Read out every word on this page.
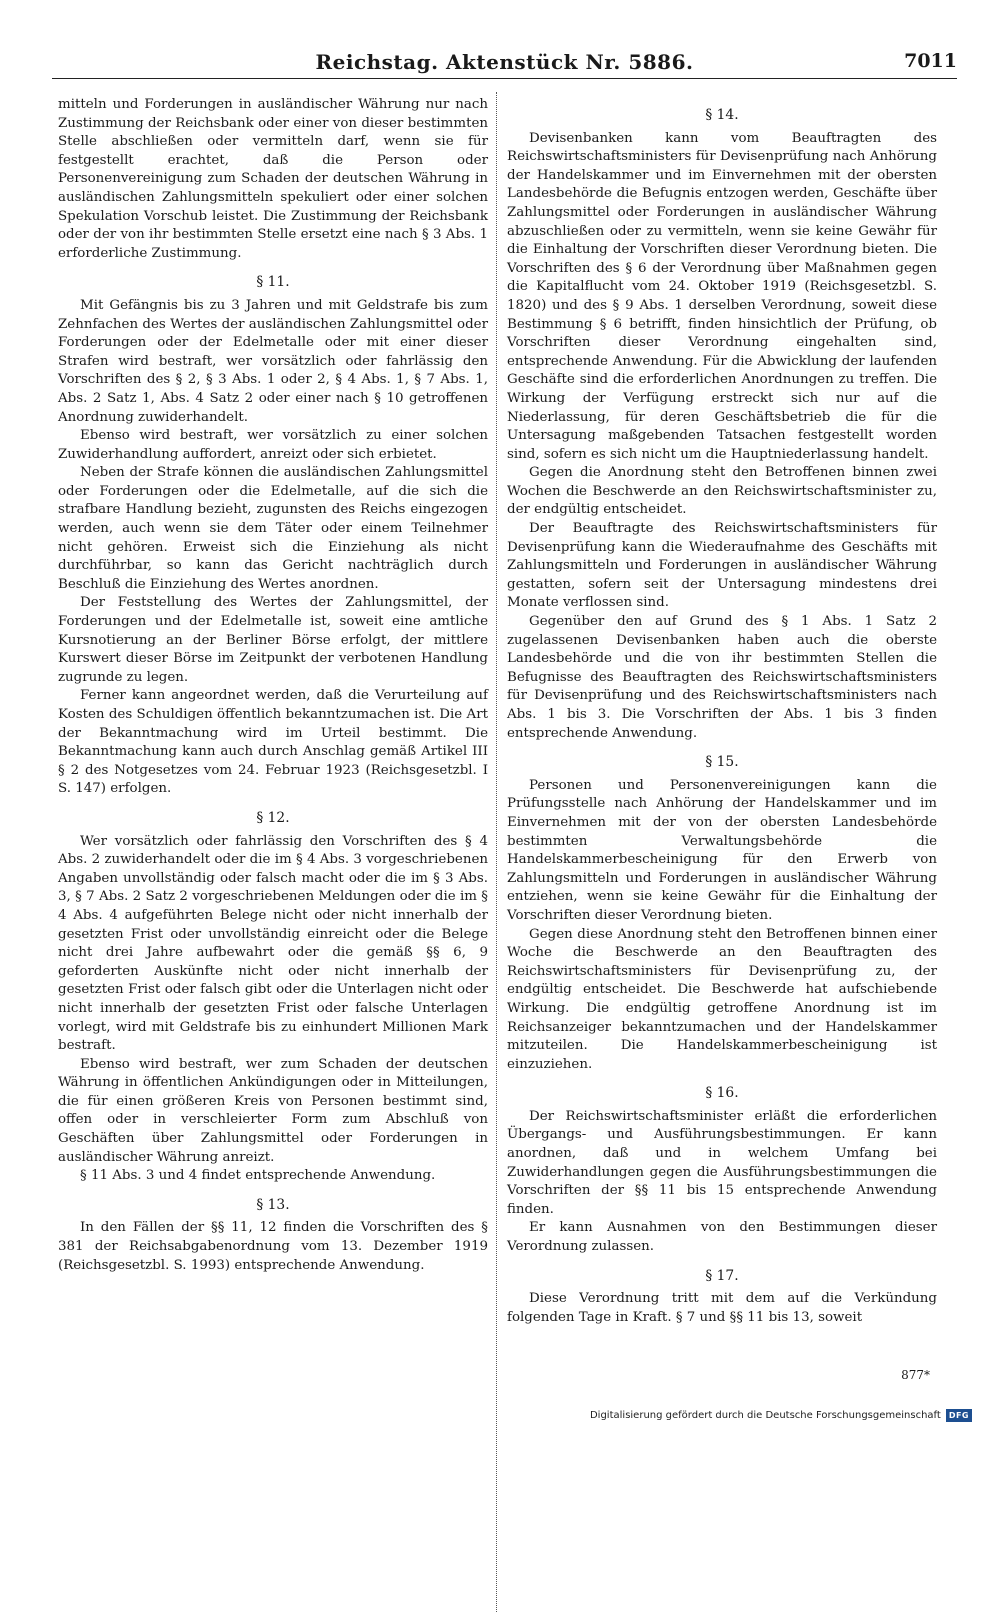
Reichstag. Aktenstück Nr. 5886.	7011

mitteln und Forderungen in ausländischer Währung nur nach Zustimmung der Reichsbank oder einer von dieser bestimmten Stelle abschließen oder vermitteln darf, wenn sie für festgestellt erachtet, daß die Person oder Personenvereinigung zum Schaden der deutschen Währung in ausländischen Zahlungsmitteln spekuliert oder einer solchen Spekulation Vorschub leistet. Die Zustimmung der Reichsbank oder der von ihr bestimmten Stelle ersetzt eine nach § 3 Abs. 1 erforderliche Zustimmung.

§ 11.

Mit Gefängnis bis zu 3 Jahren und mit Geldstrafe bis zum Zehnfachen des Wertes der ausländischen Zahlungsmittel oder Forderungen oder der Edelmetalle oder mit einer dieser Strafen wird bestraft, wer vorsätzlich oder fahrlässig den Vorschriften des § 2, § 3 Abs. 1 oder 2, § 4 Abs. 1, § 7 Abs. 1, Abs. 2 Satz 1, Abs. 4 Satz 2 oder einer nach § 10 getroffenen Anordnung zuwiderhandelt.

Ebenso wird bestraft, wer vorsätzlich zu einer solchen Zuwiderhandlung auffordert, anreizt oder sich erbietet.

Neben der Strafe können die ausländischen Zahlungsmittel oder Forderungen oder die Edelmetalle, auf die sich die strafbare Handlung bezieht, zugunsten des Reichs eingezogen werden, auch wenn sie dem Täter oder einem Teilnehmer nicht gehören. Erweist sich die Einziehung als nicht durchführbar, so kann das Gericht nachträglich durch Beschluß die Einziehung des Wertes anordnen.

Der Feststellung des Wertes der Zahlungsmittel, der Forderungen und der Edelmetalle ist, soweit eine amtliche Kursnotierung an der Berliner Börse erfolgt, der mittlere Kurswert dieser Börse im Zeitpunkt der verbotenen Handlung zugrunde zu legen.

Ferner kann angeordnet werden, daß die Verurteilung auf Kosten des Schuldigen öffentlich bekanntzumachen ist. Die Art der Bekanntmachung wird im Urteil bestimmt. Die Bekanntmachung kann auch durch Anschlag gemäß Artikel III § 2 des Notgesetzes vom 24. Februar 1923 (Reichsgesetzbl. I S. 147) erfolgen.

§ 12.

Wer vorsätzlich oder fahrlässig den Vorschriften des § 4 Abs. 2 zuwiderhandelt oder die im § 4 Abs. 3 vorgeschriebenen Angaben unvollständig oder falsch macht oder die im § 3 Abs. 3, § 7 Abs. 2 Satz 2 vorgeschriebenen Meldungen oder die im § 4 Abs. 4 aufgeführten Belege nicht oder nicht innerhalb der gesetzten Frist oder unvollständig einreicht oder die Belege nicht drei Jahre aufbewahrt oder die gemäß §§ 6, 9 geforderten Auskünfte nicht oder nicht innerhalb der gesetzten Frist oder falsch gibt oder die Unterlagen nicht oder nicht innerhalb der gesetzten Frist oder falsche Unterlagen vorlegt, wird mit Geldstrafe bis zu einhundert Millionen Mark bestraft.

Ebenso wird bestraft, wer zum Schaden der deutschen Währung in öffentlichen Ankündigungen oder in Mitteilungen, die für einen größeren Kreis von Personen bestimmt sind, offen oder in verschleierter Form zum Abschluß von Geschäften über Zahlungsmittel oder Forderungen in ausländischer Währung anreizt.

§ 11 Abs. 3 und 4 findet entsprechende Anwendung.

§ 13.

In den Fällen der §§ 11, 12 finden die Vorschriften des § 381 der Reichsabgabenordnung vom 13. Dezember 1919 (Reichsgesetzbl. S. 1993) entsprechende Anwendung.

§ 14.

Devisenbanken kann vom Beauftragten des Reichswirtschaftsministers für Devisenprüfung nach Anhörung der Handelskammer und im Einvernehmen mit der obersten Landesbehörde die Befugnis entzogen werden, Geschäfte über Zahlungsmittel oder Forderungen in ausländischer Währung abzuschließen oder zu vermitteln, wenn sie keine Gewähr für die Einhaltung der Vorschriften dieser Verordnung bieten. Die Vorschriften des § 6 der Verordnung über Maßnahmen gegen die Kapitalflucht vom 24. Oktober 1919 (Reichsgesetzbl. S. 1820) und des § 9 Abs. 1 derselben Verordnung, soweit diese Bestimmung § 6 betrifft, finden hinsichtlich der Prüfung, ob Vorschriften dieser Verordnung eingehalten sind, entsprechende Anwendung. Für die Abwicklung der laufenden Geschäfte sind die erforderlichen Anordnungen zu treffen. Die Wirkung der Verfügung erstreckt sich nur auf die Niederlassung, für deren Geschäftsbetrieb die für die Untersagung maßgebenden Tatsachen festgestellt worden sind, sofern es sich nicht um die Hauptniederlassung handelt.

Gegen die Anordnung steht den Betroffenen binnen zwei Wochen die Beschwerde an den Reichswirtschaftsminister zu, der endgültig entscheidet.

Der Beauftragte des Reichswirtschaftsministers für Devisenprüfung kann die Wiederaufnahme des Geschäfts mit Zahlungsmitteln und Forderungen in ausländischer Währung gestatten, sofern seit der Untersagung mindestens drei Monate verflossen sind.

Gegenüber den auf Grund des § 1 Abs. 1 Satz 2 zugelassenen Devisenbanken haben auch die oberste Landesbehörde und die von ihr bestimmten Stellen die Befugnisse des Beauftragten des Reichswirtschaftsministers für Devisenprüfung und des Reichswirtschaftsministers nach Abs. 1 bis 3. Die Vorschriften der Abs. 1 bis 3 finden entsprechende Anwendung.

§ 15.

Personen und Personenvereinigungen kann die Prüfungsstelle nach Anhörung der Handelskammer und im Einvernehmen mit der von der obersten Landesbehörde bestimmten Verwaltungsbehörde die Handelskammerbescheinigung für den Erwerb von Zahlungsmitteln und Forderungen in ausländischer Währung entziehen, wenn sie keine Gewähr für die Einhaltung der Vorschriften dieser Verordnung bieten.

Gegen diese Anordnung steht den Betroffenen binnen einer Woche die Beschwerde an den Beauftragten des Reichswirtschaftsministers für Devisenprüfung zu, der endgültig entscheidet. Die Beschwerde hat aufschiebende Wirkung. Die endgültig getroffene Anordnung ist im Reichsanzeiger bekanntzumachen und der Handelskammer mitzuteilen. Die Handelskammerbescheinigung ist einzuziehen.

§ 16.

Der Reichswirtschaftsminister erläßt die erforderlichen Übergangs- und Ausführungsbestimmungen. Er kann anordnen, daß und in welchem Umfang bei Zuwiderhandlungen gegen die Ausführungsbestimmungen die Vorschriften der §§ 11 bis 15 entsprechende Anwendung finden.

Er kann Ausnahmen von den Bestimmungen dieser Verordnung zulassen.

§ 17.

Diese Verordnung tritt mit dem auf die Verkündung folgenden Tage in Kraft. § 7 und §§ 11 bis 13, soweit

877*
Digitalisierung gefördert durch die Deutsche Forschungsgemeinschaft	DFG
